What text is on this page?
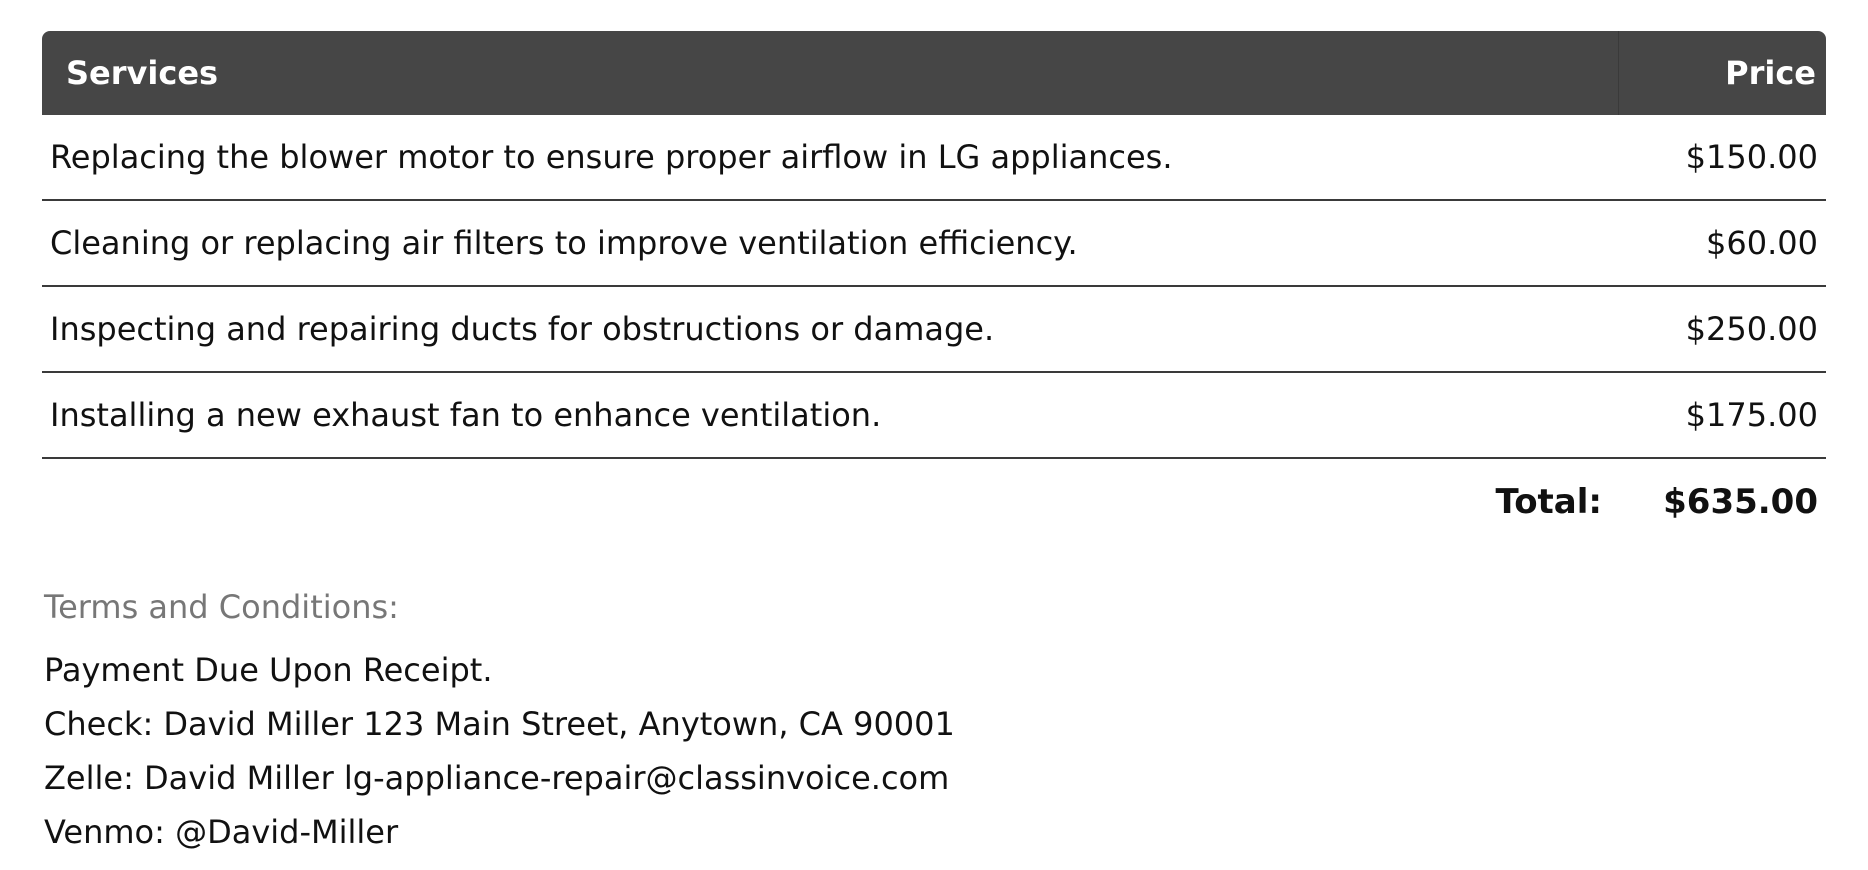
Services	Price
Replacing the blower motor to ensure proper airflow in LG appliances.	$150.00
Cleaning or replacing air filters to improve ventilation efficiency.	$60.00
Inspecting and repairing ducts for obstructions or damage.	$250.00
Installing a new exhaust fan to enhance ventilation.	$175.00
Total:	$635.00
Terms and Conditions:
Payment Due Upon Receipt.
Check: David Miller 123 Main Street, Anytown, CA 90001
Zelle: David Miller lg-appliance-repair@classinvoice.com
Venmo: @David-Miller
